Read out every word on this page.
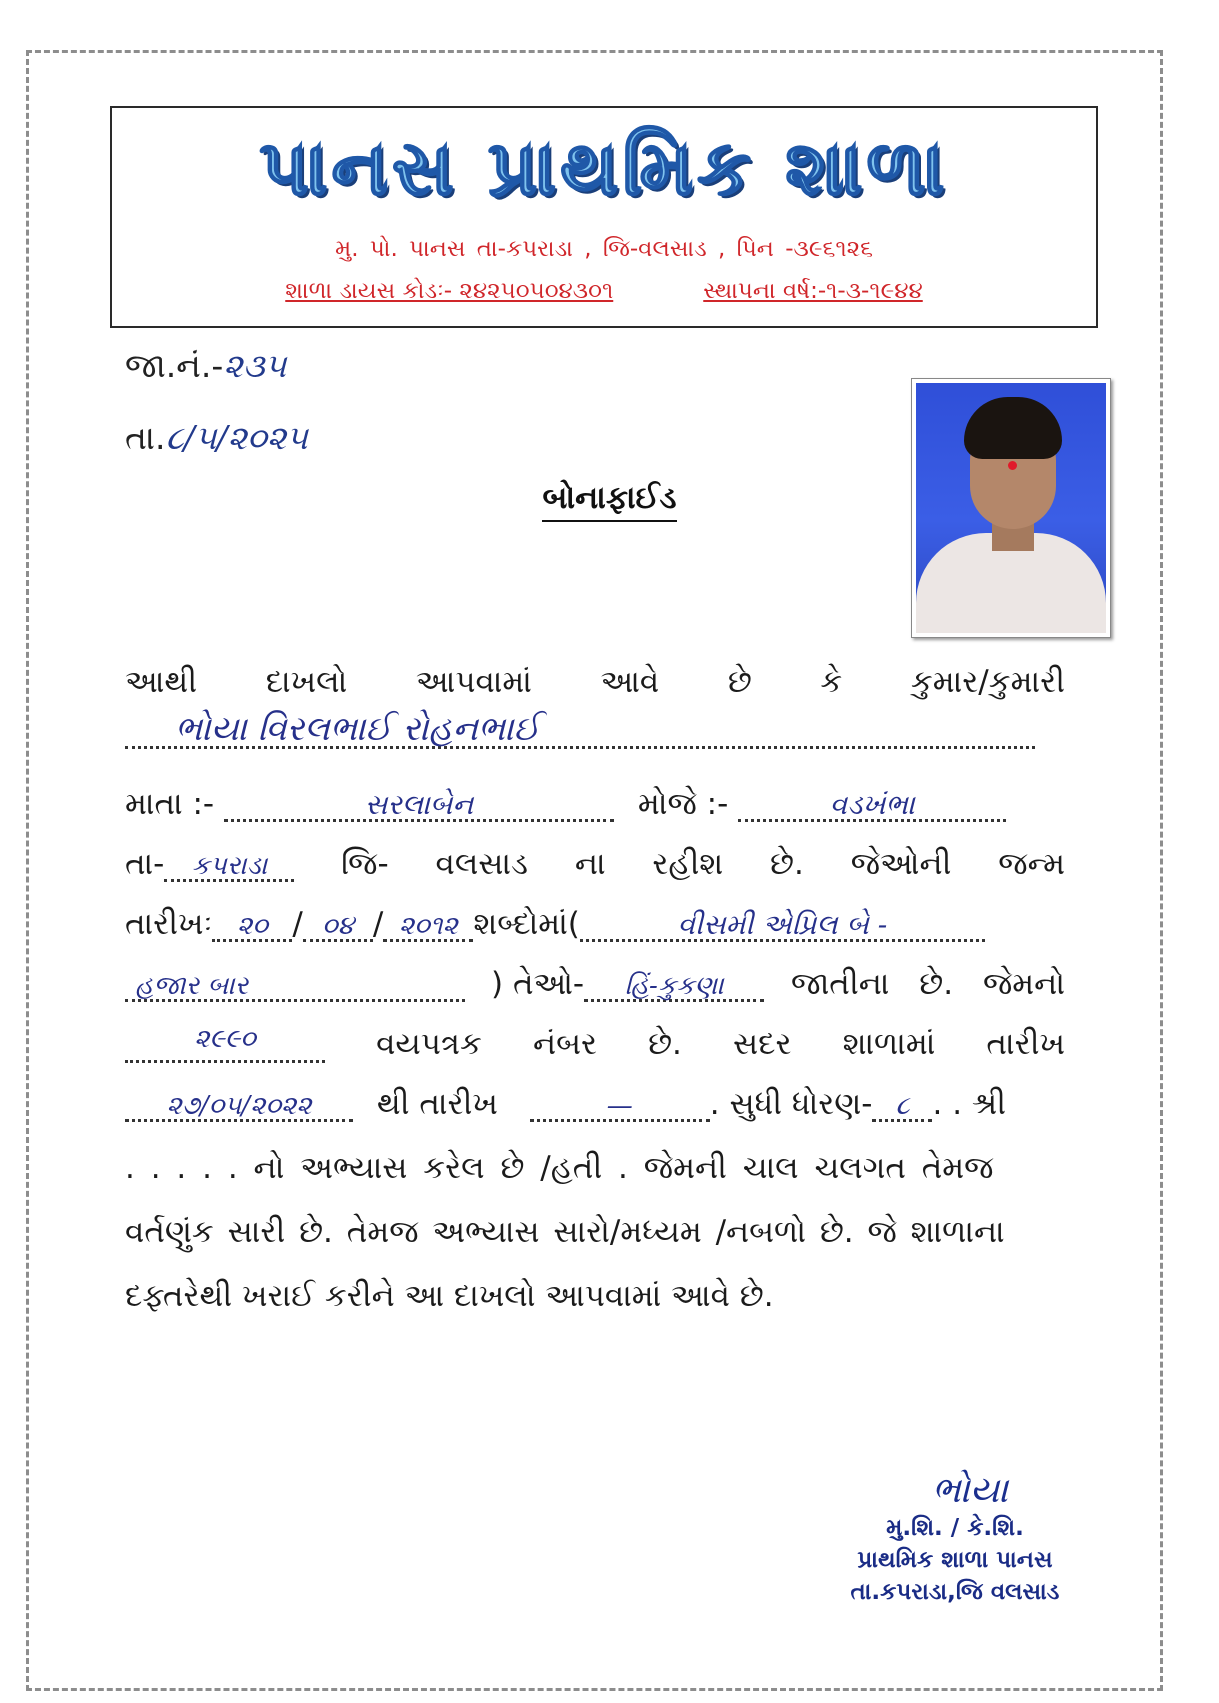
પાનસ પ્રાથમિક શાળા
મુ. પો. પાનસ તા-કપરાડા , જિ-વલસાડ , પિન -૩૯૬૧૨૬
શાળા ડાયસ કોડઃ- ૨૪૨૫૦૫૦૪૩૦૧	સ્થાપના વર્ષ:-૧-૩-૧૯૪૪
જા.નં.-૨૩૫
તા.૮/૫/૨૦૨૫
બોનાફાઈડ
આથી દાખલો આપવામાં આવે છે કે કુમાર/કુમારી
ભોયા વિરલભાઈ રોહનભાઈ
માતા :-	સરલાબેન	મોજે :-	વડખંભા
તા- કપરાડા	જિ- વલસાડ ના રહીશ છે. જેઓની જન્મ
તારીખઃ ૨૦ / ૦૪ / ૨૦૧૨ શબ્દોમાં(	વીસમી એપ્રિલ બે -
હજાર બાર	) તેઓ- હિં-કુકણા જાતીના છે. જેમનો
૨૯૯૦	વયપત્રક નંબર છે. સદર શાળામાં તારીખ
૨૭/૦૫/૨૦૨૨ થી તારીખ	— . સુધી ધોરણ- ૮ . . શ્રી
. . . . . નો અભ્યાસ કરેલ છે /હતી . જેમની ચાલ ચલગત તેમજ
વર્તણુંક સારી છે. તેમજ અભ્યાસ સારો/મધ્યમ /નબળો છે. જે શાળાના
દફ્તરેથી ખરાઈ કરીને આ દાખલો આપવામાં આવે છે.
ભોયા
મુ.શિ. / કે.શિ.
પ્રાથમિક શાળા પાનસ
તા.કપરાડા,જિ વલસાડ
